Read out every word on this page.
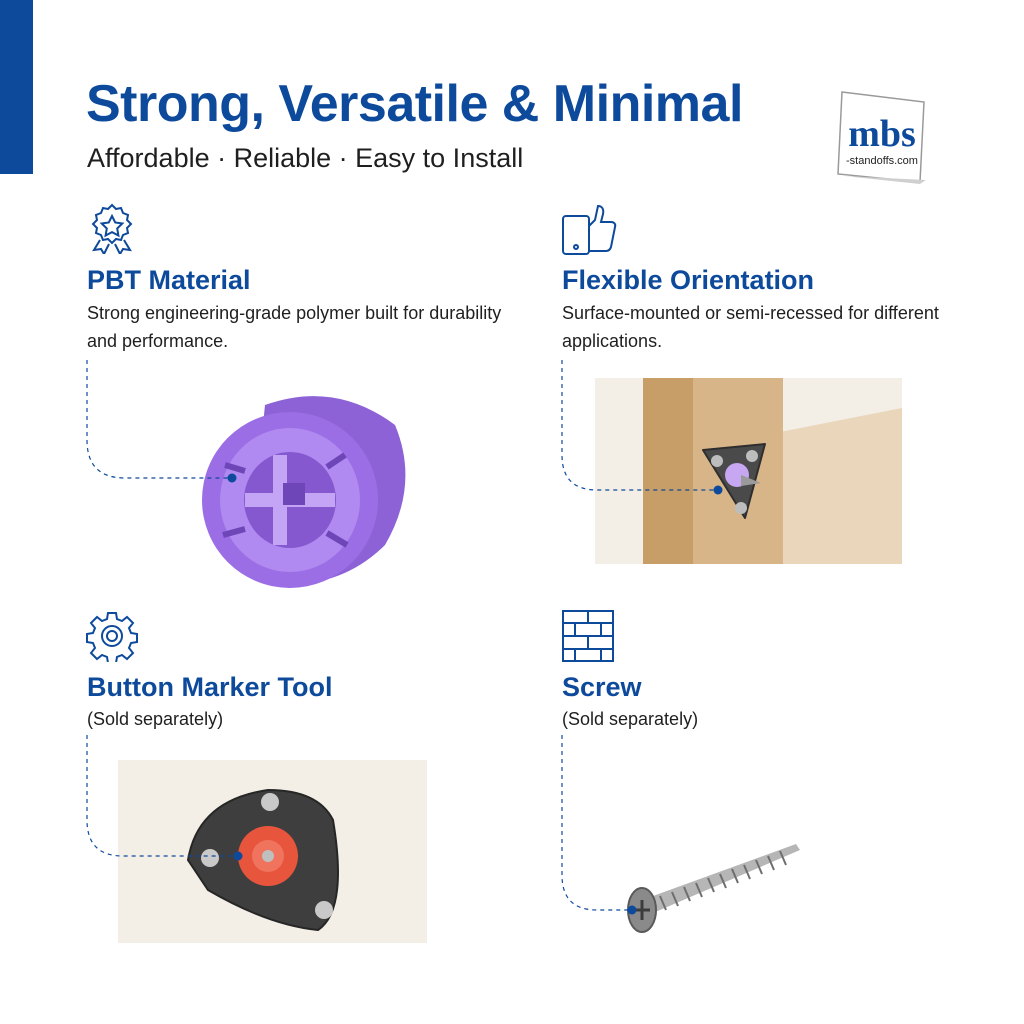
Strong, Versatile & Minimal

Affordable · Reliable · Easy to Install

mbs
-standoffs.com
PBT Material

Strong engineering-grade polymer built for durability and performance.

Flexible Orientation

Surface-mounted or semi-recessed for different applications.

Button Marker Tool

(Sold separately)

Screw

(Sold separately)
